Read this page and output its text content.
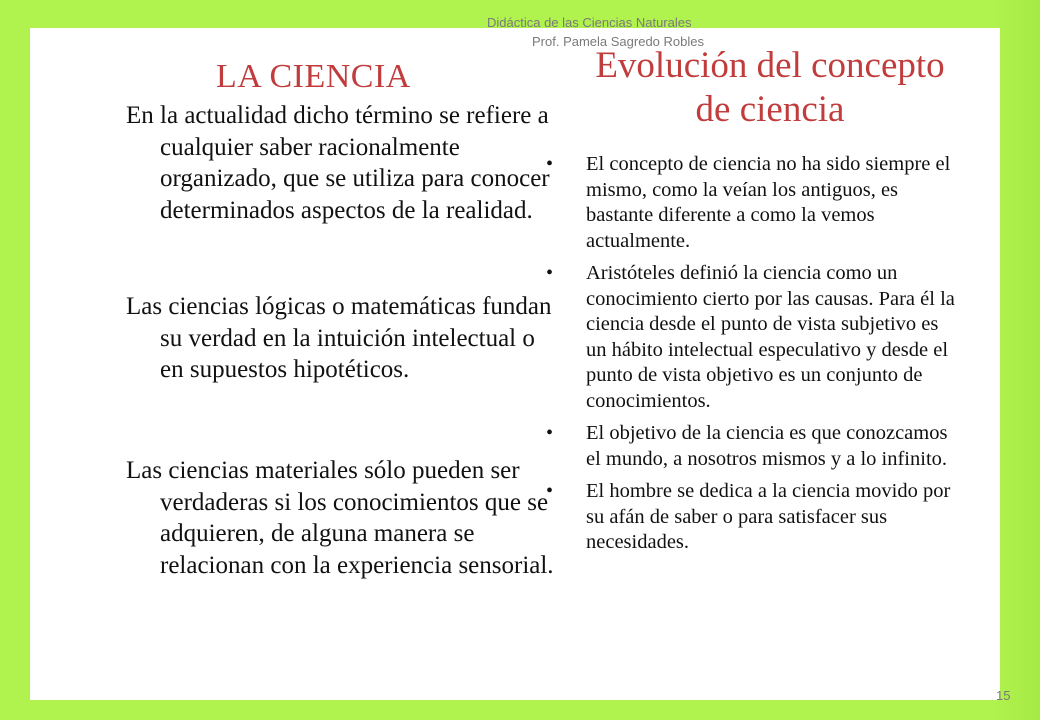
Didáctica de las Ciencias Naturales
Prof. Pamela Sagredo Robles
LA CIENCIA
En la actualidad dicho término se refiere a cualquier saber racionalmente organizado, que se utiliza para conocer determinados aspectos de la realidad.
Las ciencias lógicas o matemáticas fundan su verdad en la intuición intelectual o en supuestos hipotéticos.
Las ciencias materiales sólo pueden ser verdaderas si los conocimientos que se adquieren, de alguna manera se relacionan con la experiencia sensorial.
Evolución del concepto de ciencia
• El concepto de ciencia no ha sido siempre el mismo, como la veían los antiguos, es bastante diferente a como la vemos actualmente.
• Aristóteles definió la ciencia como un conocimiento cierto por las causas. Para él la ciencia desde el punto de vista subjetivo es un hábito intelectual especulativo y desde el punto de vista objetivo es un conjunto de conocimientos.
• El objetivo de la ciencia es que conozcamos el mundo, a nosotros mismos y a lo infinito.
• El hombre se dedica a la ciencia movido por su afán de saber o para satisfacer sus necesidades.
15
